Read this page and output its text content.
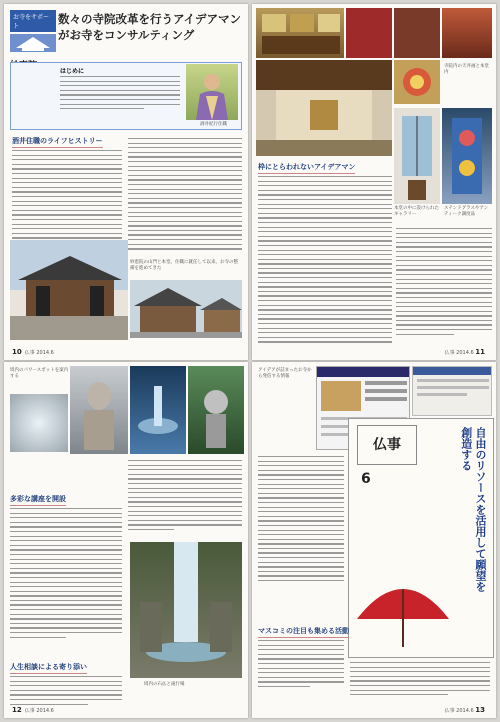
お寺をサポート
数々の寺院改革を行うアイデアマンがお寺をコンサルティング
はじめに
酒井紀行住職
酒井住職のライフヒストリー
妙恵院の山門と本堂。住職に就任して以来、お寺の整備を進めてきた
10 仏事 2014.6
寺院内の天井画と本堂内
枠にとらわれないアイデアマン
本堂の中に設けられたギャラリー
ステンドグラスやアンティーク調度品
仏事 2014.6 11
境内のパワースポットを案内する
多彩な講座を開設
境内の石仏と滝行場
人生相談による寄り添い
12 仏事 2014.6
アイデアが詰まったお寺から発信する情報
仏事
6	自由のリソースを活用して願望を創造する
マスコミの注目も集める活動
仏事 2014.6 13
